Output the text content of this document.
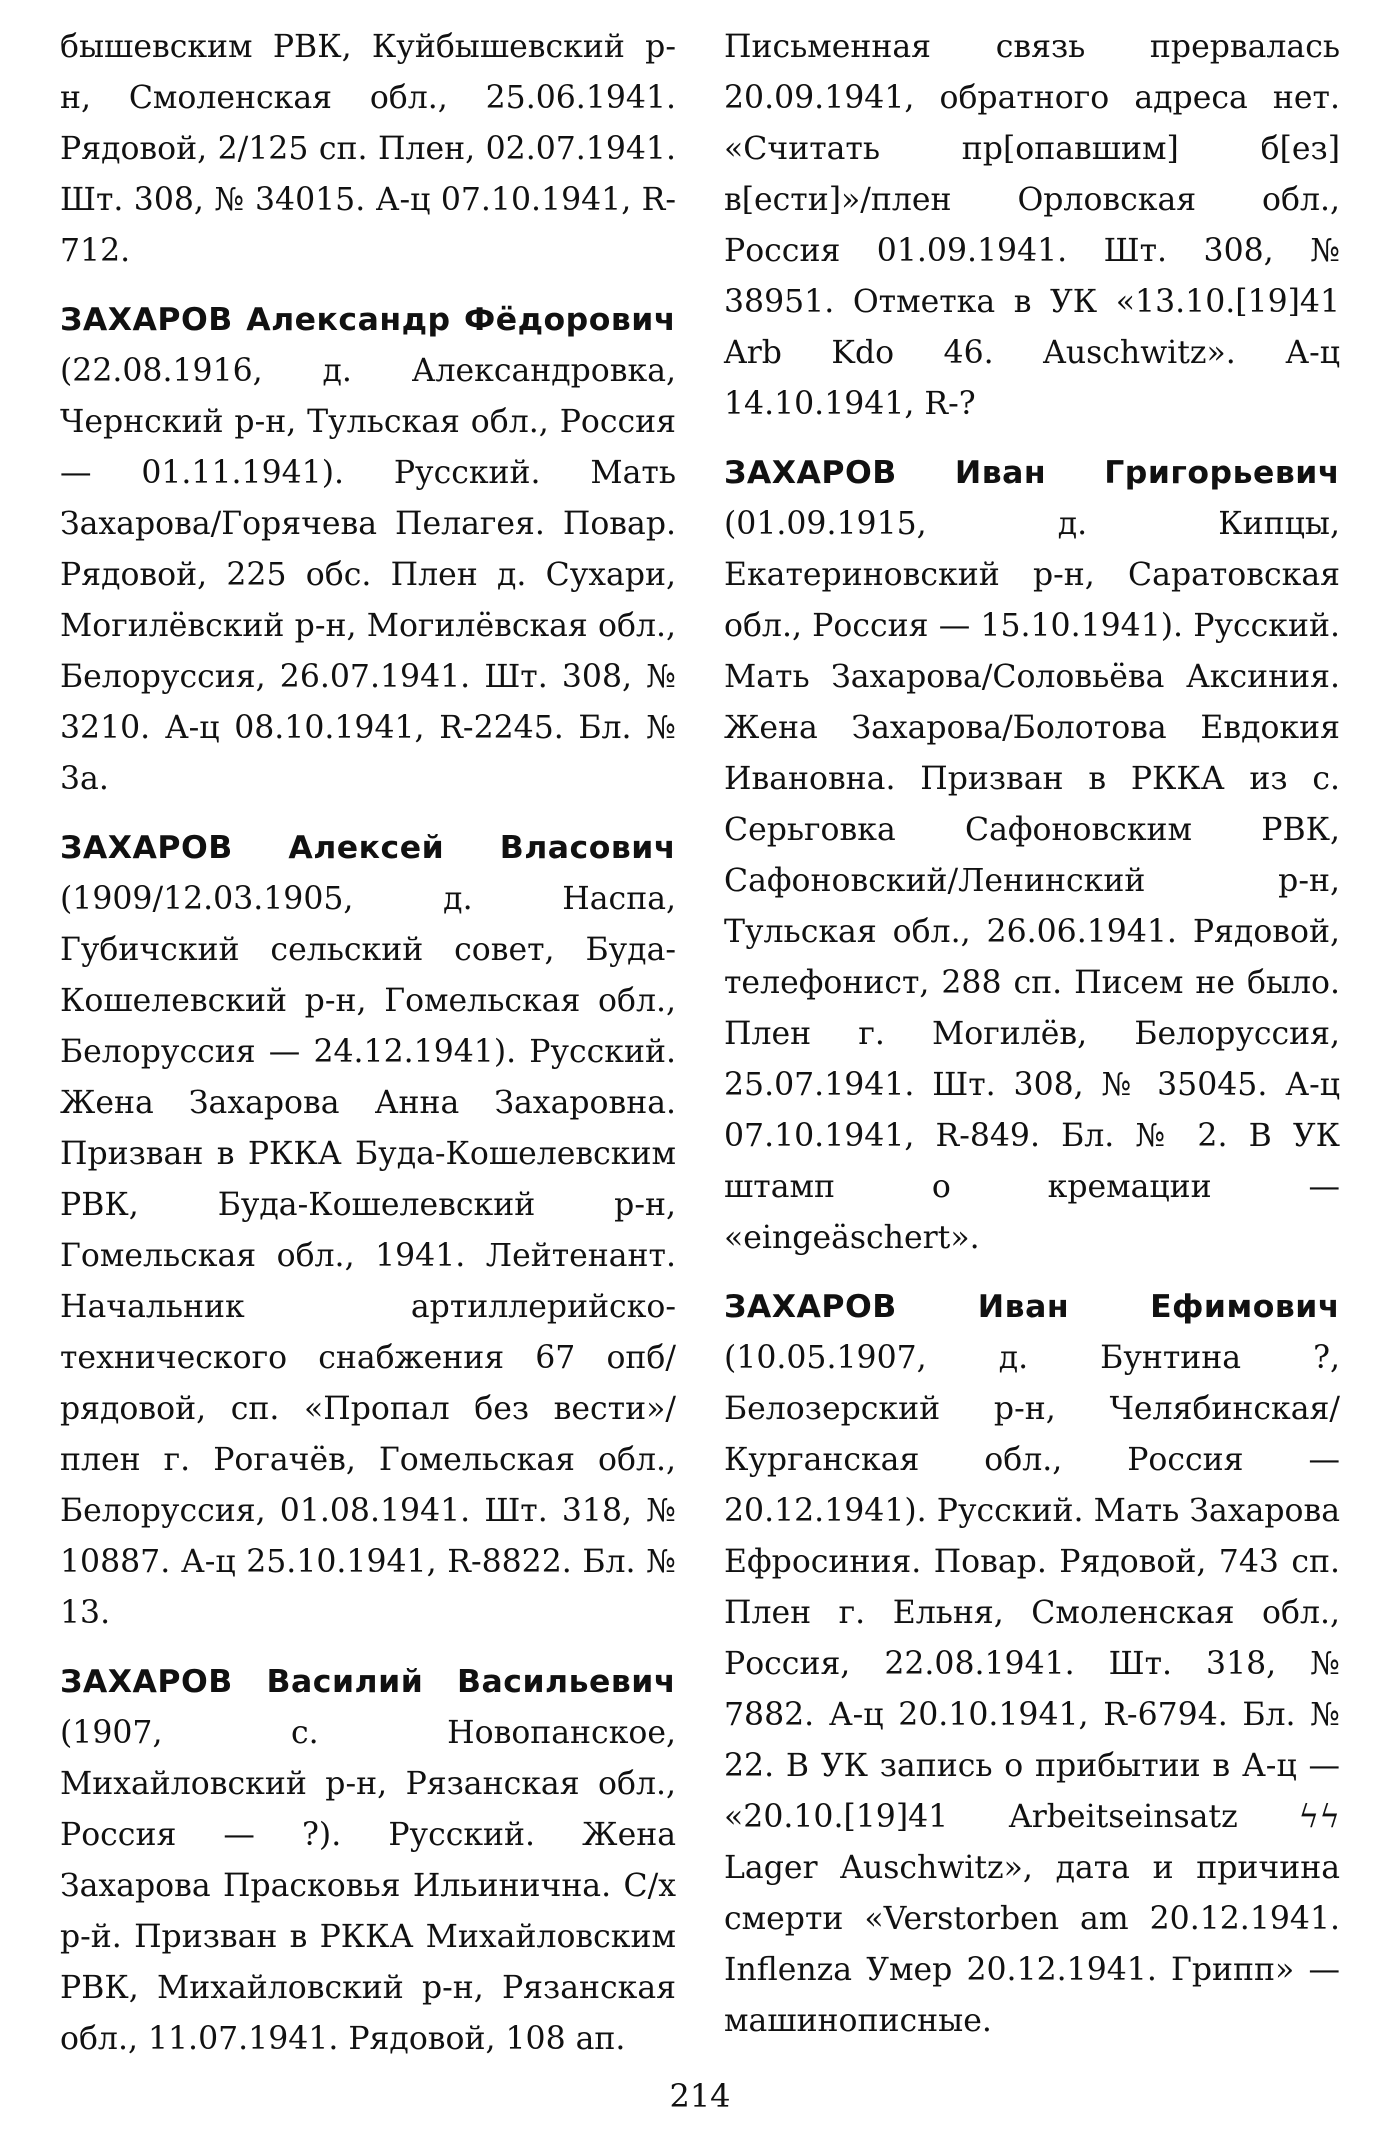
бышевским РВК, Куйбышевский р-н, Смоленская обл., 25.06.1941. Рядовой, 2/125 сп. Плен, 02.07.1941. Шт. 308, № 34015. А-ц 07.10.1941, R-712.

ЗАХАРОВ Александр Фёдорович (22.08.1916, д. Александровка, Чернский р-н, Тульская обл., Россия — 01.11.1941). Русский. Мать Захарова/Горячева Пелагея. Повар. Рядовой, 225 обс. Плен д. Сухари, Могилёвский р-н, Могилёвская обл., Белоруссия, 26.07.1941. Шт. 308, № 3210. А-ц 08.10.1941, R-2245. Бл. № 3а.

ЗАХАРОВ Алексей Власович (1909/12.03.1905, д. Наспа, Губичский сельский совет, Буда-Кошелевский р-н, Гомельская обл., Белоруссия — 24.12.1941). Русский. Жена Захарова Анна Захаровна. Призван в РККА Буда-Кошелевским РВК, Буда-Кошелевский р-н, Гомельская обл., 1941. Лейтенант. Начальник артиллерийско-технического снабжения 67 опб/рядовой, сп. «Пропал без вести»/плен г. Рогачёв, Гомельская обл., Белоруссия, 01.08.1941. Шт. 318, № 10887. А-ц 25.10.1941, R-8822. Бл. № 13.

ЗАХАРОВ Василий Васильевич (1907, с. Новопанское, Михайловский р-н, Рязанская обл., Россия — ?). Русский. Жена Захарова Прасковья Ильинична. С/х р-й. Призван в РККА Михайловским РВК, Михайловский р-н, Рязанская обл., 11.07.1941. Рядовой, 108 ап.

Письменная связь прервалась 20.09.1941, обратного адреса нет. «Считать пр[опавшим] б[ез] в[ести]»/плен Орловская обл., Россия 01.09.1941. Шт. 308, № 38951. Отметка в УК «13.10.[19]41 Arb Kdo 46. Auschwitz». А-ц 14.10.1941, R-?

ЗАХАРОВ Иван Григорьевич (01.09.1915, д. Кипцы, Екатериновский р-н, Саратовская обл., Россия — 15.10.1941). Русский. Мать Захарова/Соловьёва Аксиния. Жена Захарова/Болотова Евдокия Ивановна. Призван в РККА из с. Серьговка Сафоновским РВК, Сафоновский/Ленинский р-н, Тульская обл., 26.06.1941. Рядовой, телефонист, 288 сп. Писем не было. Плен г. Могилёв, Белоруссия, 25.07.1941. Шт. 308, № 35045. А-ц 07.10.1941, R-849. Бл. № 2. В УК штамп о кремации — «eingeäschert».

ЗАХАРОВ Иван Ефимович (10.05.1907, д. Бунтина ?, Белозерский р-н, Челябинская/Курганская обл., Россия — 20.12.1941). Русский. Мать Захарова Ефросиния. Повар. Рядовой, 743 сп. Плен г. Ельня, Смоленская обл., Россия, 22.08.1941. Шт. 318, № 7882. А-ц 20.10.1941, R-6794. Бл. № 22. В УК запись о прибытии в А-ц — «20.10.[19]41 Arbeitseinsatz ϟϟ Lager Auschwitz», дата и причина смерти «Verstorben am 20.12.1941. Inflenza Умер 20.12.1941. Грипп» — машинописные.

214
